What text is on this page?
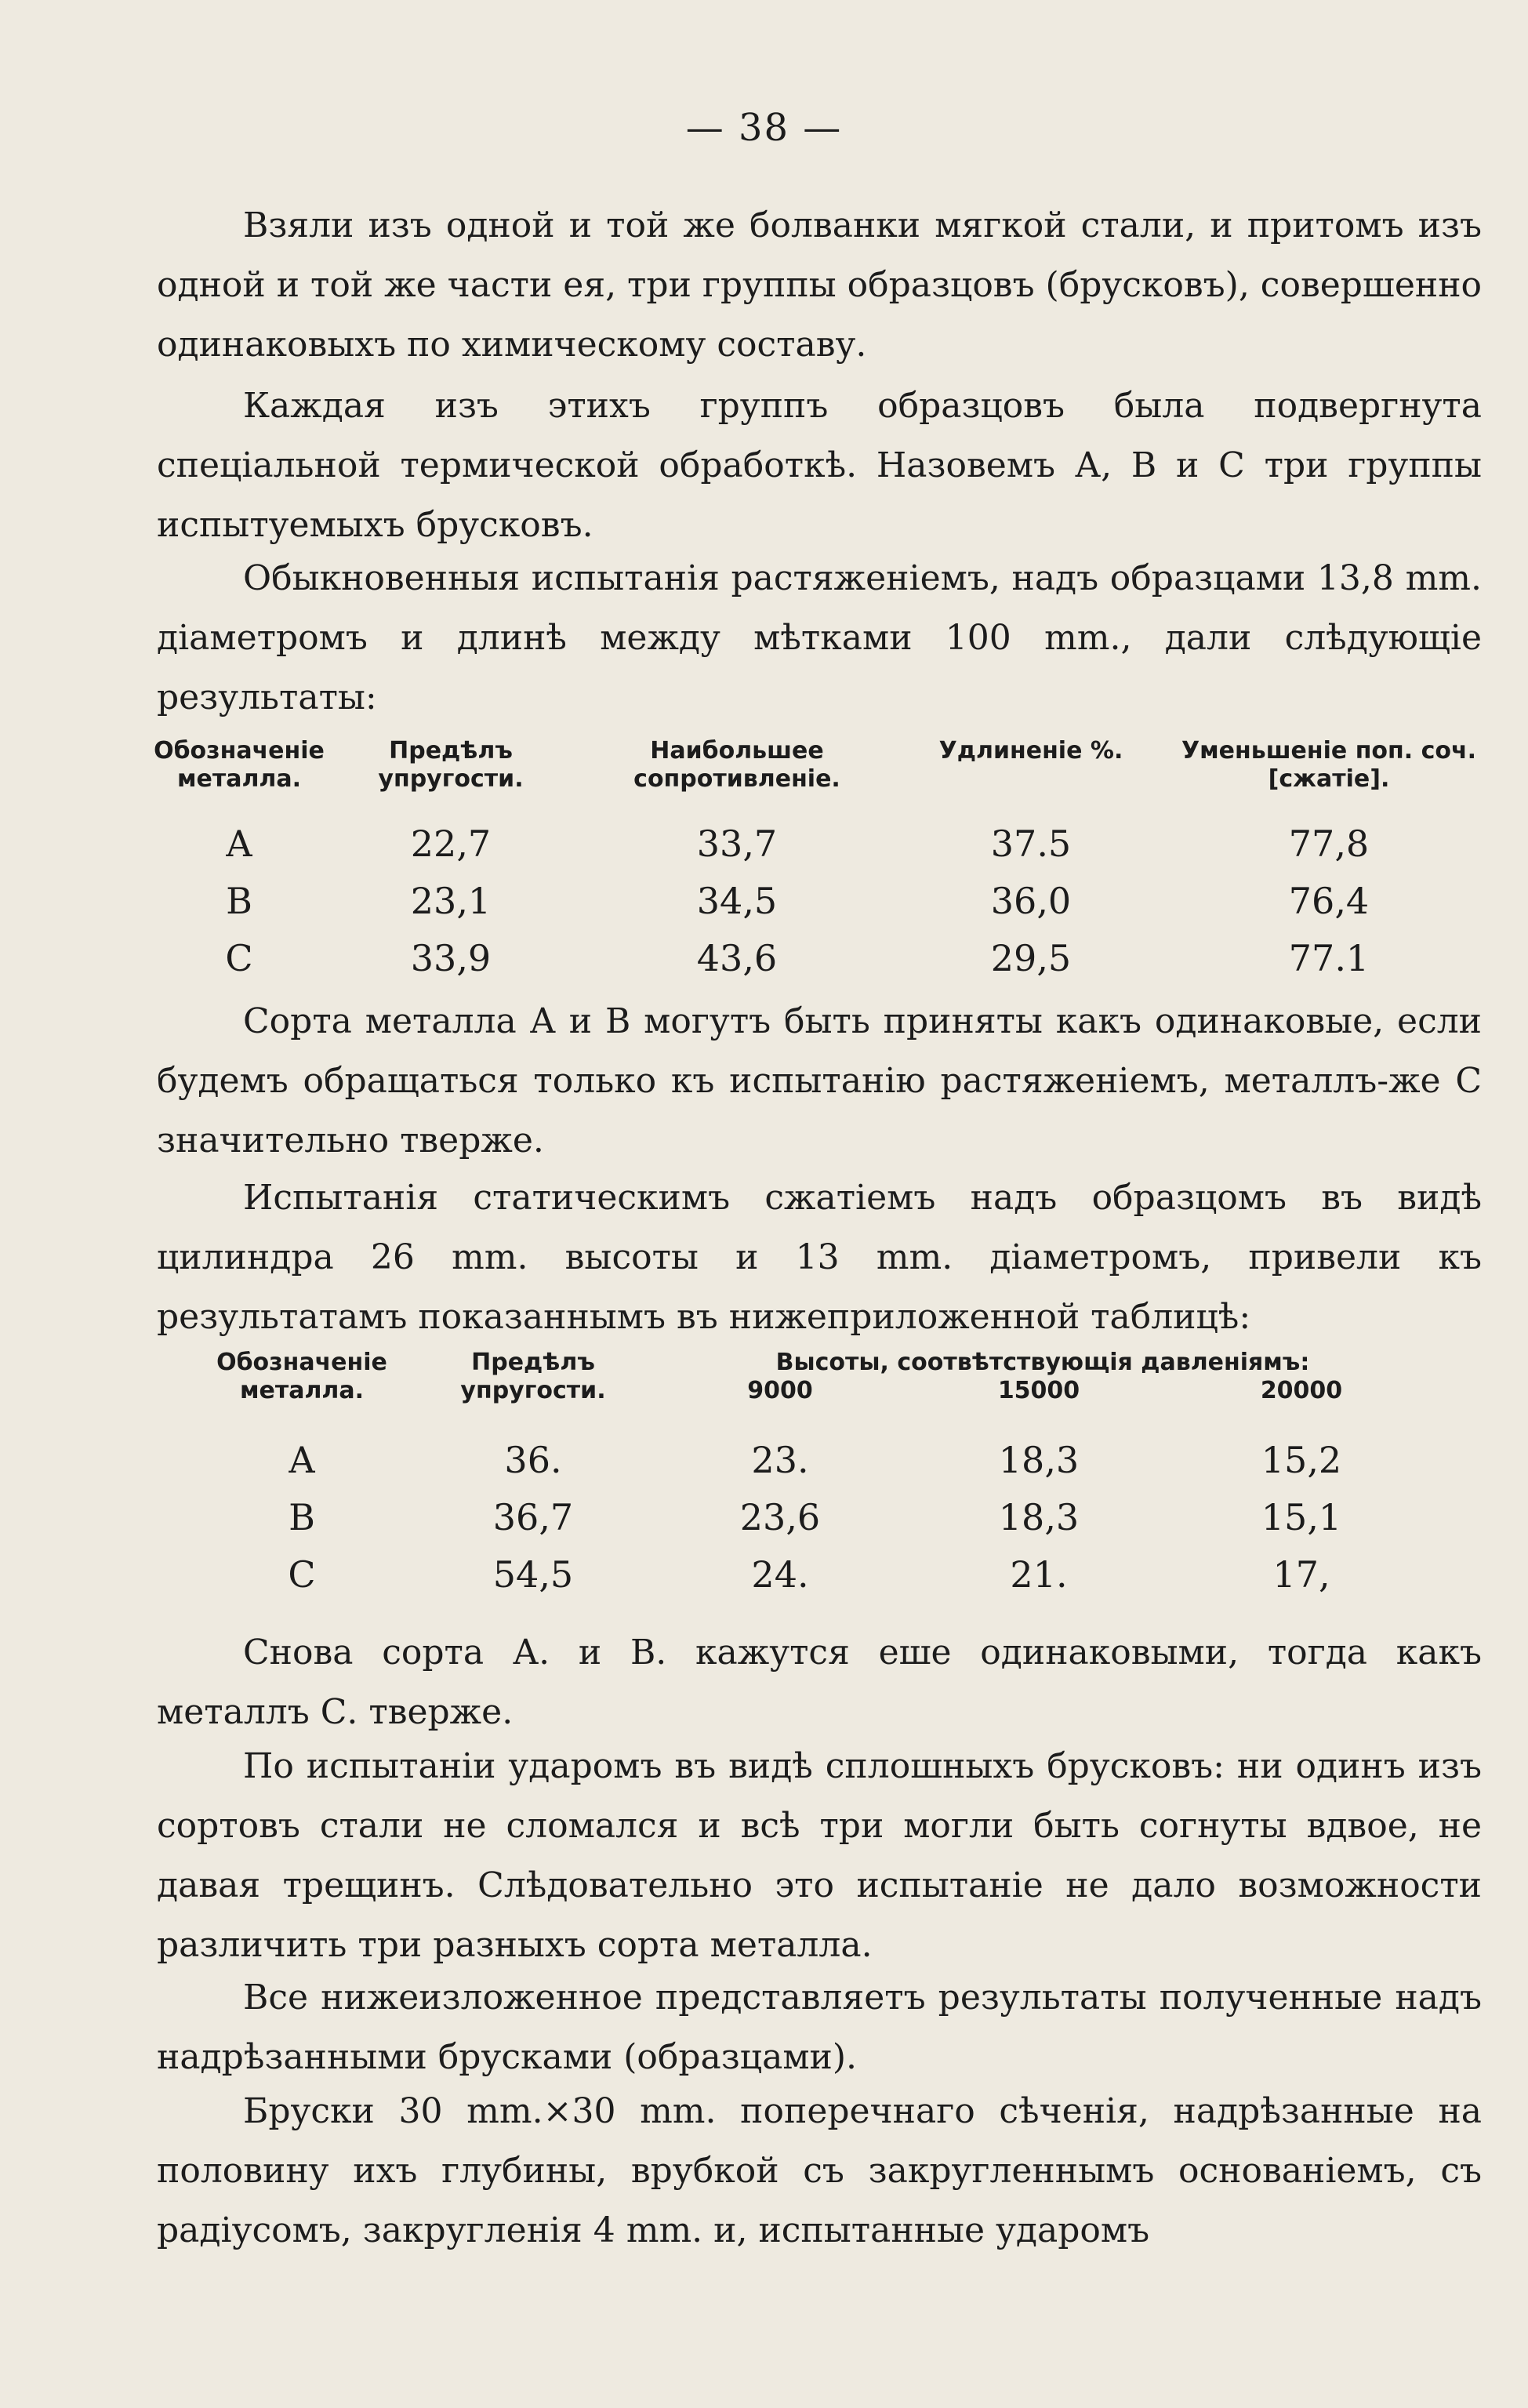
— 38 —

Взяли изъ одной и той же болванки мягкой стали, и притомъ изъ одной и той же части ея, три группы образцовъ (брусковъ), совершенно одинаковыхъ по химическому составу.

Каждая изъ этихъ группъ образцовъ была подвергнута спеціальной термической обработкѣ. Назовемъ А, В и С три группы испытуемыхъ брусковъ.

Обыкновенныя испытанія растяженіемъ, надъ образцами 13,8 mm. діаметромъ и длинѣ между мѣтками 100 mm., дали слѣдующіе результаты:

Обозначеніе металла.	Предѣлъ упругости.	Наибольшее сопротивленіе.	Удлиненіе %.	Уменьшеніе поп. соч. [сжатіе].
A	22,7	33,7	37.5	77,8
B	23,1	34,5	36,0	76,4
C	33,9	43,6	29,5	77.1

Сорта металла А и В могутъ быть приняты какъ одинаковые, если будемъ обращаться только къ испытанію растяженіемъ, металлъ-же С значительно тверже.

Испытанія статическимъ сжатіемъ надъ образцомъ въ видѣ цилиндра 26 mm. высоты и 13 mm. діаметромъ, привели къ результатамъ показаннымъ въ нижеприложенной таблицѣ:

Обозначеніе металла.	Предѣлъ упругости.	Высоты, соотвѣтствующія давленіямъ:		
		9000	15000	20000
A	36.	23.	18,3	15,2
B	36,7	23,6	18,3	15,1
C	54,5	24.	21.	17,

Снова сорта А. и В. кажутся еше одинаковыми, тогда какъ металлъ С. тверже.

По испытаніи ударомъ въ видѣ сплошныхъ брусковъ: ни одинъ изъ сортовъ стали не сломался и всѣ три могли быть согнуты вдвое, не давая трещинъ. Слѣдовательно это испытаніе не дало возможности различить три разныхъ сорта металла.

Все нижеизложенное представляетъ результаты полученные надъ надрѣзанными брусками (образцами).

Бруски 30 mm.×30 mm. поперечнаго сѣченія, надрѣзанные на половину ихъ глубины, врубкой съ закругленнымъ основаніемъ, съ радіусомъ, закругленія 4 mm. и, испытанные ударомъ
